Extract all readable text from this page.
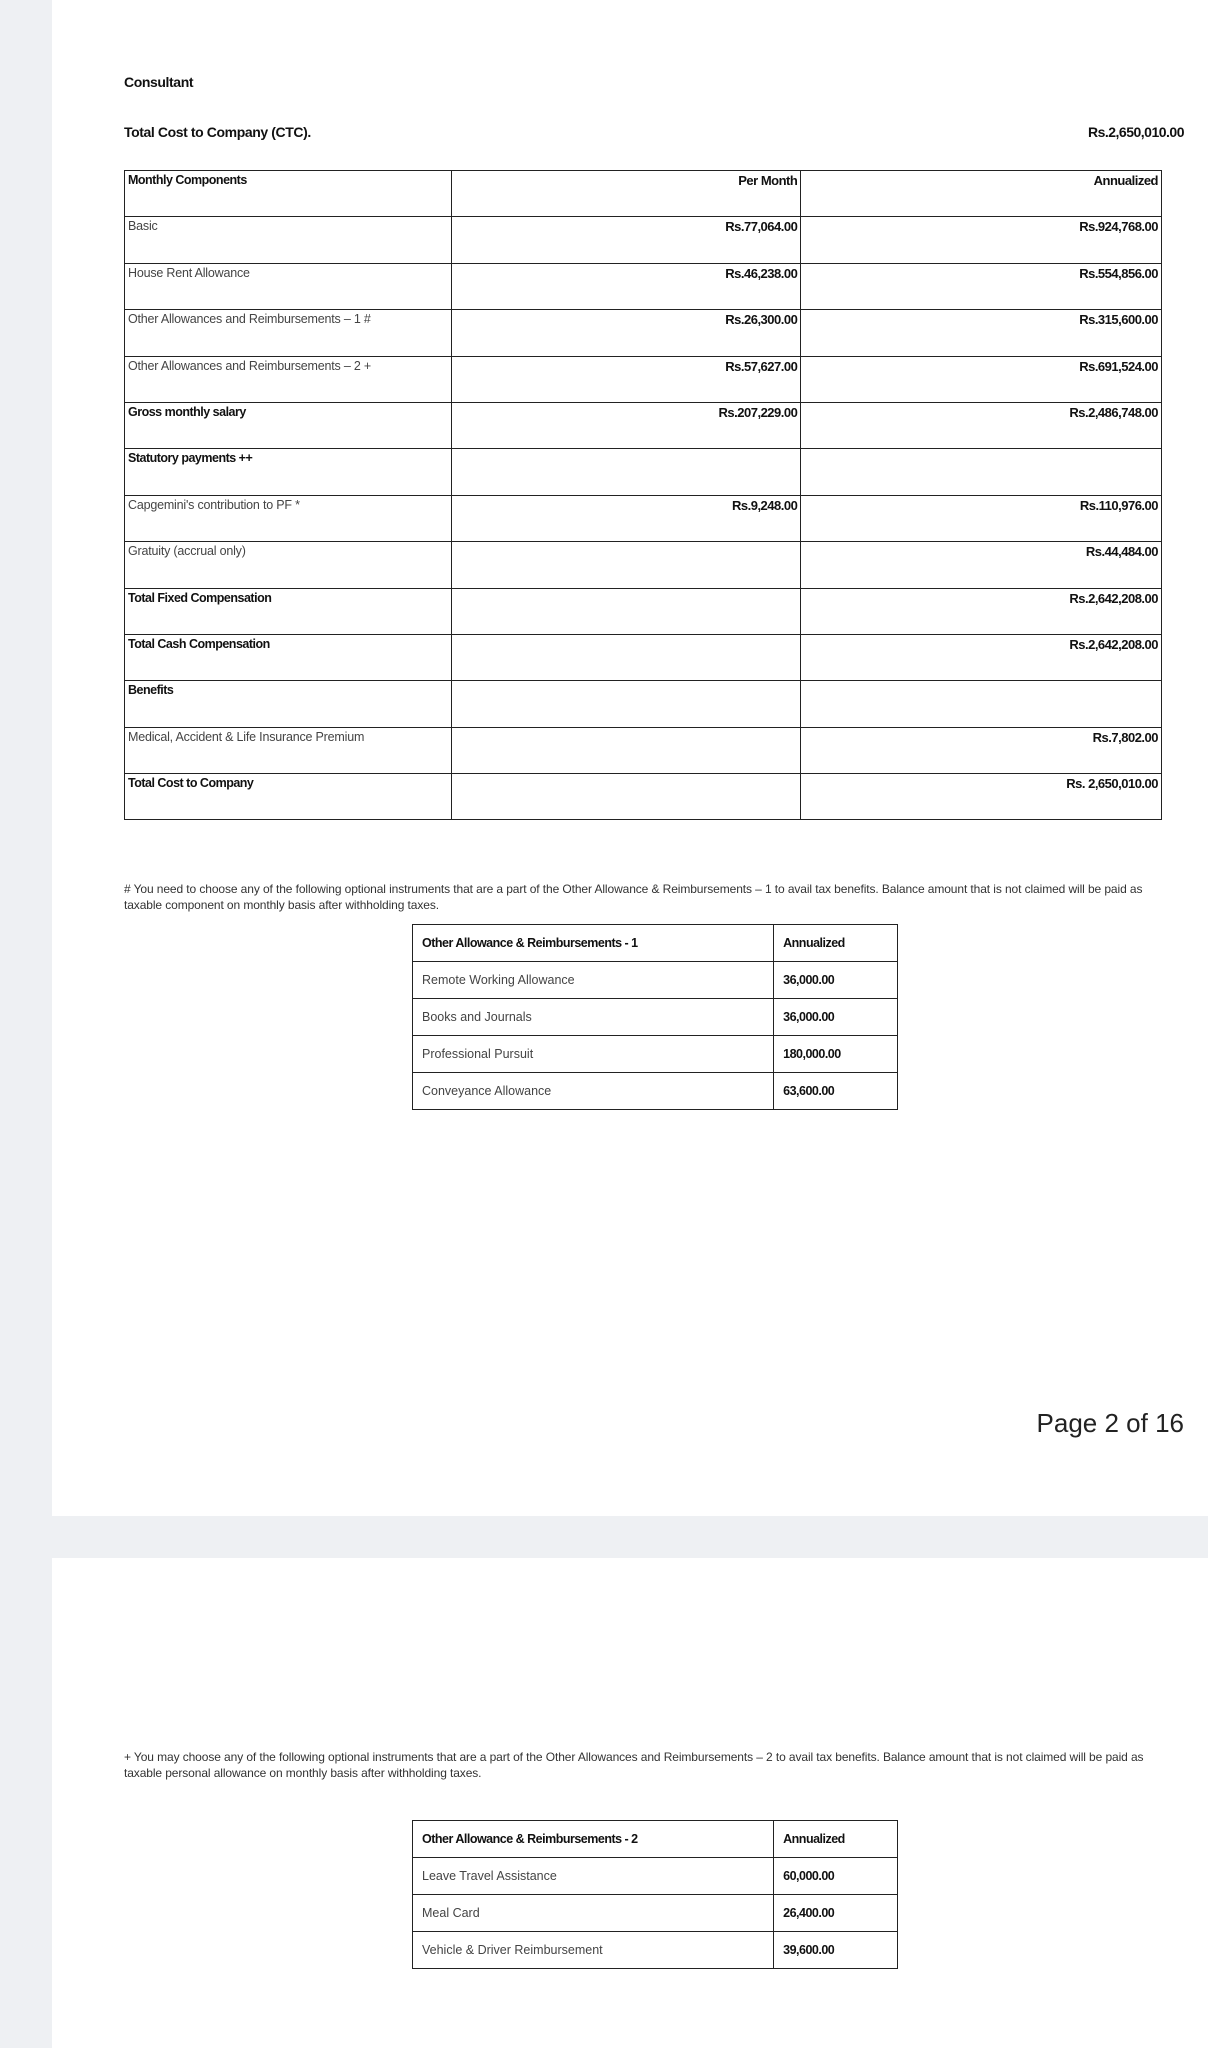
Consultant
Total Cost to Company (CTC).	Rs.2,650,010.00
Monthly Components	Per Month	Annualized
Basic	Rs.77,064.00	Rs.924,768.00
House Rent Allowance	Rs.46,238.00	Rs.554,856.00
Other Allowances and Reimbursements – 1 #	Rs.26,300.00	Rs.315,600.00
Other Allowances and Reimbursements – 2 +	Rs.57,627.00	Rs.691,524.00
Gross monthly salary	Rs.207,229.00	Rs.2,486,748.00
Statutory payments ++		
Capgemini's contribution to PF *	Rs.9,248.00	Rs.110,976.00
Gratuity (accrual only)		Rs.44,484.00
Total Fixed Compensation		Rs.2,642,208.00
Total Cash Compensation		Rs.2,642,208.00
Benefits		
Medical, Accident & Life Insurance Premium		Rs.7,802.00
Total Cost to Company		Rs. 2,650,010.00
# You need to choose any of the following optional instruments that are a part of the Other Allowance & Reimbursements – 1 to avail tax benefits. Balance amount that is not claimed will be paid as taxable component on monthly basis after withholding taxes.
Other Allowance & Reimbursements - 1	Annualized
Remote Working Allowance	36,000.00
Books and Journals	36,000.00
Professional Pursuit	180,000.00
Conveyance Allowance	63,600.00
Page 2 of 16
+ You may choose any of the following optional instruments that are a part of the Other Allowances and Reimbursements – 2 to avail tax benefits. Balance amount that is not claimed will be paid as taxable personal allowance on monthly basis after withholding taxes.
Other Allowance & Reimbursements - 2	Annualized
Leave Travel Assistance	60,000.00
Meal Card	26,400.00
Vehicle & Driver Reimbursement	39,600.00
